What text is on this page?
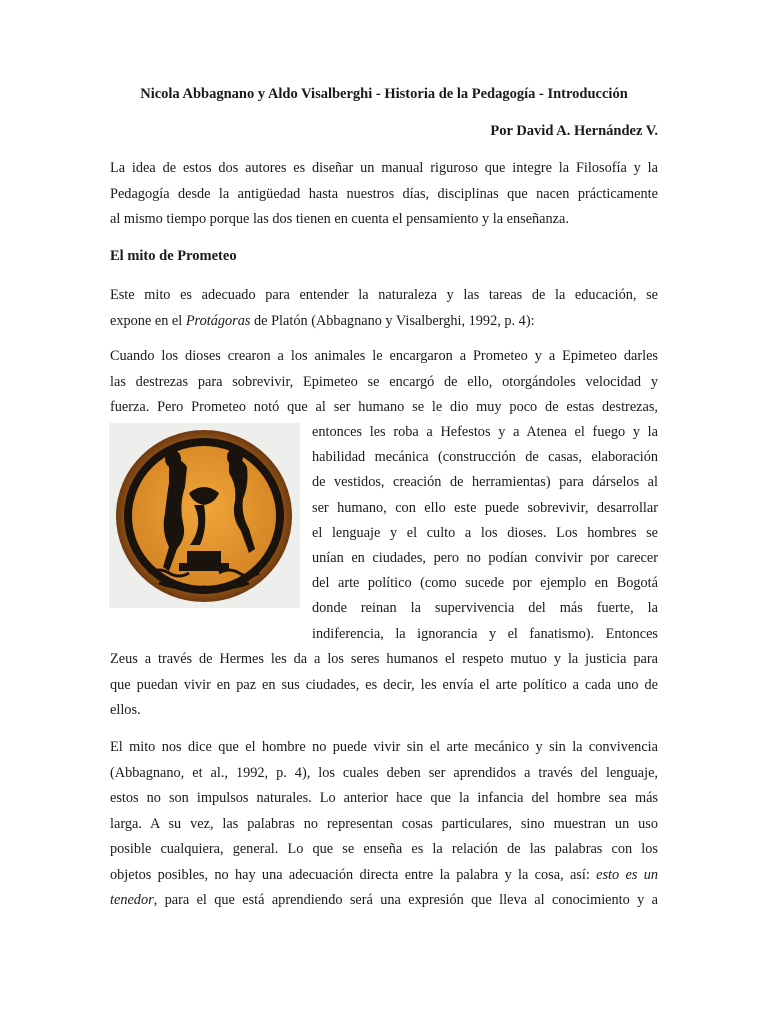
Nicola Abbagnano y Aldo Visalberghi - Historia de la Pedagogía - Introducción
Por David A. Hernández V.
La idea de estos dos autores es diseñar un manual riguroso que integre la Filosofía y la
Pedagogía desde la antigüedad hasta nuestros días, disciplinas que nacen prácticamente
al mismo tiempo porque las dos tienen en cuenta el pensamiento y la enseñanza.
El mito de Prometeo
Este mito es adecuado para entender la naturaleza y las tareas de la educación, se
expone en el Protágoras de Platón (Abbagnano y Visalberghi, 1992, p. 4):
Cuando los dioses crearon a los animales le encargaron a Prometeo y a Epimeteo darles
las destrezas para sobrevivir, Epimeteo se encargó de ello, otorgándoles velocidad y
fuerza. Pero Prometeo notó que al ser humano se le dio muy poco de estas destrezas,
entonces les roba a Hefestos y a Atenea el fuego y la
habilidad mecánica (construcción de casas, elaboración
de vestidos, creación de herramientas) para dárselos al
ser humano, con ello este puede sobrevivir, desarrollar
el lenguaje y el culto a los dioses. Los hombres se
unían en ciudades, pero no podían convivir por carecer
del arte político (como sucede por ejemplo en Bogotá
donde reinan la supervivencia del más fuerte, la
indiferencia, la ignorancia y el fanatismo). Entonces
Zeus a través de Hermes les da a los seres humanos el respeto mutuo y la justicia para
que puedan vivir en paz en sus ciudades, es decir, les envía el arte político a cada uno de
ellos.
El mito nos dice que el hombre no puede vivir sin el arte mecánico y sin la convivencia
(Abbagnano, et al., 1992, p. 4), los cuales deben ser aprendidos a través del lenguaje,
estos no son impulsos naturales. Lo anterior hace que la infancia del hombre sea más
larga. A su vez, las palabras no representan cosas particulares, sino muestran un uso
posible cualquiera, general. Lo que se enseña es la relación de las palabras con los
objetos posibles, no hay una adecuación directa entre la palabra y la cosa, así: esto es un
tenedor, para el que está aprendiendo será una expresión que lleva al conocimiento y a
